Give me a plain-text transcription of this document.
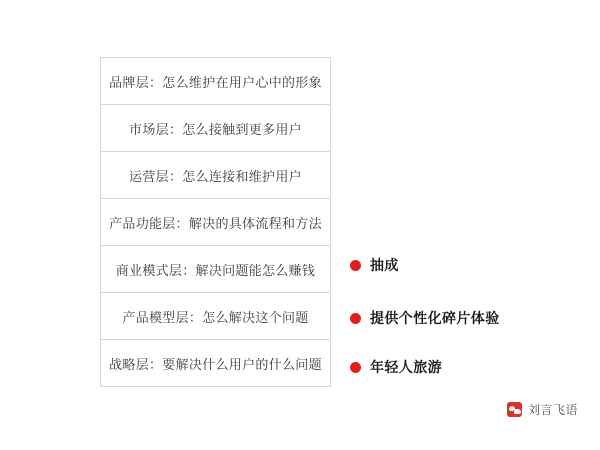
品牌层：怎么维护在用户心中的形象
市场层：怎么接触到更多用户
运营层：怎么连接和维护用户
产品功能层：解决的具体流程和方法
商业模式层：解决问题能怎么赚钱
产品模型层：怎么解决这个问题
战略层：要解决什么用户的什么问题
抽成
提供个性化碎片体验
年轻人旅游
刘言飞语
